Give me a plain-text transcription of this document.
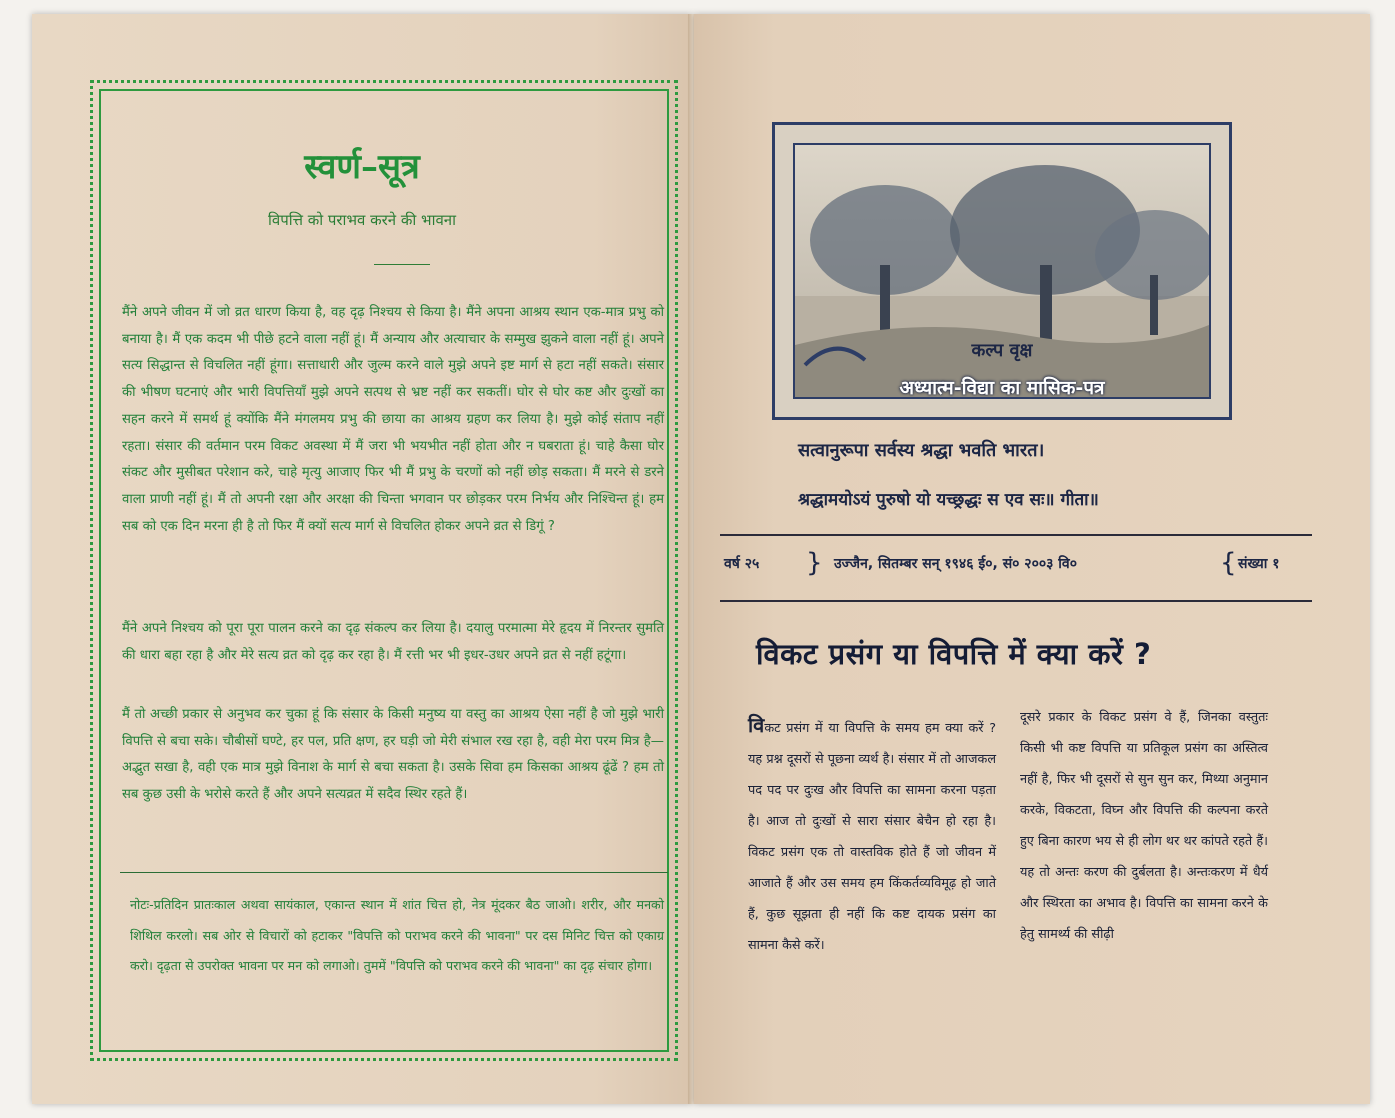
स्वर्ण–सूत्र
विपत्ति को पराभव करने की भावना
मैंने अपने जीवन में जो व्रत धारण किया है, वह दृढ़ निश्चय से किया है। मैंने अपना आश्रय स्थान एक-मात्र प्रभु को बनाया है। मैं एक कदम भी पीछे हटने वाला नहीं हूं। मैं अन्याय और अत्याचार के सम्मुख झुकने वाला नहीं हूं। अपने सत्य सिद्धान्त से विचलित नहीं हूंगा। सत्ताधारी और जुल्म करने वाले मुझे अपने इष्ट मार्ग से हटा नहीं सकते। संसार की भीषण घटनाएं और भारी विपत्तियाँ मुझे अपने सत्पथ से भ्रष्ट नहीं कर सकतीं। घोर से घोर कष्ट और दुःखों का सहन करने में समर्थ हूं क्योंकि मैंने मंगलमय प्रभु की छाया का आश्रय ग्रहण कर लिया है। मुझे कोई संताप नहीं रहता। संसार की वर्तमान परम विकट अवस्था में मैं जरा भी भयभीत नहीं होता और न घबराता हूं। चाहे कैसा घोर संकट और मुसीबत परेशान करे, चाहे मृत्यु आजाए फिर भी मैं प्रभु के चरणों को नहीं छोड़ सकता। मैं मरने से डरने वाला प्राणी नहीं हूं। मैं तो अपनी रक्षा और अरक्षा की चिन्ता भगवान पर छोड़कर परम निर्भय और निश्चिन्त हूं। हम सब को एक दिन मरना ही है तो फिर मैं क्यों सत्य मार्ग से विचलित होकर अपने व्रत से डिगूं ?
मैंने अपने निश्चय को पूरा पूरा पालन करने का दृढ़ संकल्प कर लिया है। दयालु परमात्मा मेरे हृदय में निरन्तर सुमति की धारा बहा रहा है और मेरे सत्य व्रत को दृढ़ कर रहा है। मैं रत्ती भर भी इधर-उधर अपने व्रत से नहीं हटूंगा।
मैं तो अच्छी प्रकार से अनुभव कर चुका हूं कि संसार के किसी मनुष्य या वस्तु का आश्रय ऐसा नहीं है जो मुझे भारी विपत्ति से बचा सके। चौबीसों घण्टे, हर पल, प्रति क्षण, हर घड़ी जो मेरी संभाल रख रहा है, वही मेरा परम मित्र है— अद्भुत सखा है, वही एक मात्र मुझे विनाश के मार्ग से बचा सकता है। उसके सिवा हम किसका आश्रय ढूंढें ? हम तो सब कुछ उसी के भरोसे करते हैं और अपने सत्यव्रत में सदैव स्थिर रहते हैं।
नोटः-प्रतिदिन प्रातःकाल अथवा सायंकाल, एकान्त स्थान में शांत चित्त हो, नेत्र मूंदकर बैठ जाओ। शरीर, और मनको शिथिल करलो। सब ओर से विचारों को हटाकर "विपत्ति को पराभव करने की भावना" पर दस मिनिट चित्त को एकाग्र करो। दृढ़ता से उपरोक्त भावना पर मन को लगाओ। तुममें "विपत्ति को पराभव करने की भावना" का दृढ़ संचार होगा।
कल्प वृक्ष
अध्यात्म-विद्या का मासिक-पत्र
सत्वानुरूपा सर्वस्य श्रद्धा भवति भारत।
श्रद्धामयोऽयं पुरुषो यो यच्छ्रद्धः स एव सः॥ गीता॥
वर्ष २५ } उज्जैन, सितम्बर सन् १९४६ ई०, सं० २००३ वि०	{ संख्या १
विकट प्रसंग या विपत्ति में क्या करें ?
विकट प्रसंग में या विपत्ति के समय हम क्या करें ? यह प्रश्न दूसरों से पूछना व्यर्थ है। संसार में तो आजकल पद पद पर दुःख और विपत्ति का सामना करना पड़ता है। आज तो दुःखों से सारा संसार बेचैन हो रहा है। विकट प्रसंग एक तो वास्तविक होते हैं जो जीवन में आजाते हैं और उस समय हम किंकर्तव्यविमूढ़ हो जाते हैं, कुछ सूझता ही नहीं कि कष्ट दायक प्रसंग का सामना कैसे करें।
दूसरे प्रकार के विकट प्रसंग वे हैं, जिनका वस्तुतः किसी भी कष्ट विपत्ति या प्रतिकूल प्रसंग का अस्तित्व नहीं है, फिर भी दूसरों से सुन सुन कर, मिथ्या अनुमान करके, विकटता, विघ्न और विपत्ति की कल्पना करते हुए बिना कारण भय से ही लोग थर थर कांपते रहते हैं। यह तो अन्तः करण की दुर्बलता है। अन्तःकरण में धैर्य और स्थिरता का अभाव है। विपत्ति का सामना करने के हेतु सामर्थ्य की सीढ़ी
